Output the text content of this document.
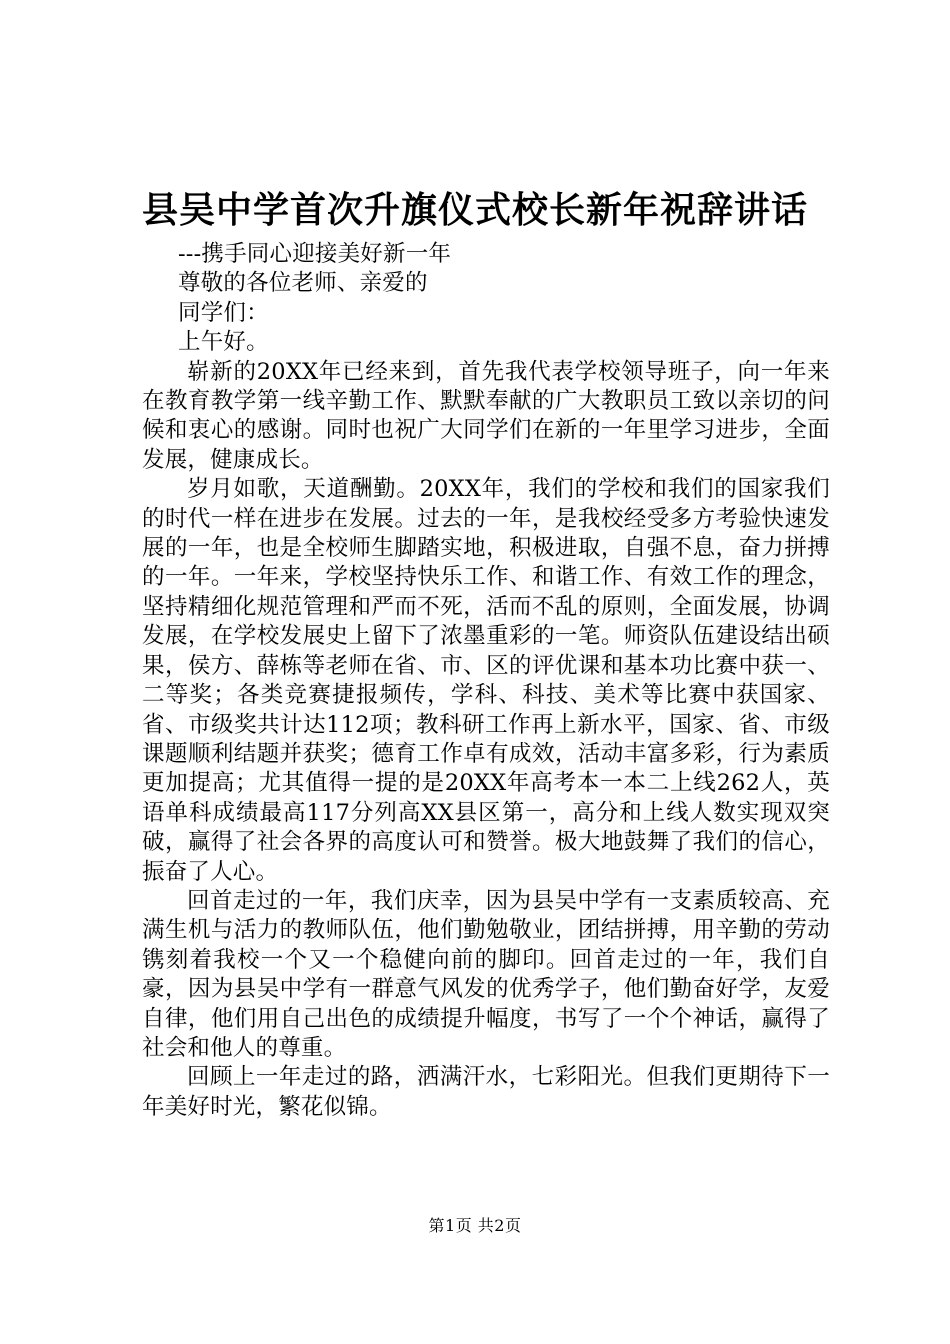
县吴中学首次升旗仪式校长新年祝辞讲话

---携手同心迎接美好新一年

尊敬的各位老师、亲爱的

同学们：

上午好。

崭新的20XX年已经来到，首先我代表学校领导班子，向一年来在教育教学第一线辛勤工作、默默奉献的广大教职员工致以亲切的问候和衷心的感谢。同时也祝广大同学们在新的一年里学习进步，全面发展，健康成长。

岁月如歌，天道酬勤。20XX年，我们的学校和我们的国家我们的时代一样在进步在发展。过去的一年，是我校经受多方考验快速发展的一年，也是全校师生脚踏实地，积极进取，自强不息，奋力拼搏的一年。一年来，学校坚持快乐工作、和谐工作、有效工作的理念，坚持精细化规范管理和严而不死，活而不乱的原则，全面发展，协调发展，在学校发展史上留下了浓墨重彩的一笔。师资队伍建设结出硕果，侯方、薛栋等老师在省、市、区的评优课和基本功比赛中获一、二等奖；各类竞赛捷报频传，学科、科技、美术等比赛中获国家、省、市级奖共计达112项；教科研工作再上新水平，国家、省、市级课题顺利结题并获奖；德育工作卓有成效，活动丰富多彩，行为素质更加提高；尤其值得一提的是20XX年高考本一本二上线262人，英语单科成绩最高117分列高XX县区第一，高分和上线人数实现双突破，赢得了社会各界的高度认可和赞誉。极大地鼓舞了我们的信心，振奋了人心。

回首走过的一年，我们庆幸，因为县吴中学有一支素质较高、充满生机与活力的教师队伍，他们勤勉敬业，团结拼搏，用辛勤的劳动镌刻着我校一个又一个稳健向前的脚印。回首走过的一年，我们自豪，因为县吴中学有一群意气风发的优秀学子，他们勤奋好学，友爱自律，他们用自己出色的成绩提升幅度，书写了一个个神话，赢得了社会和他人的尊重。

回顾上一年走过的路，洒满汗水，七彩阳光。但我们更期待下一年美好时光，繁花似锦。

第1页 共2页
